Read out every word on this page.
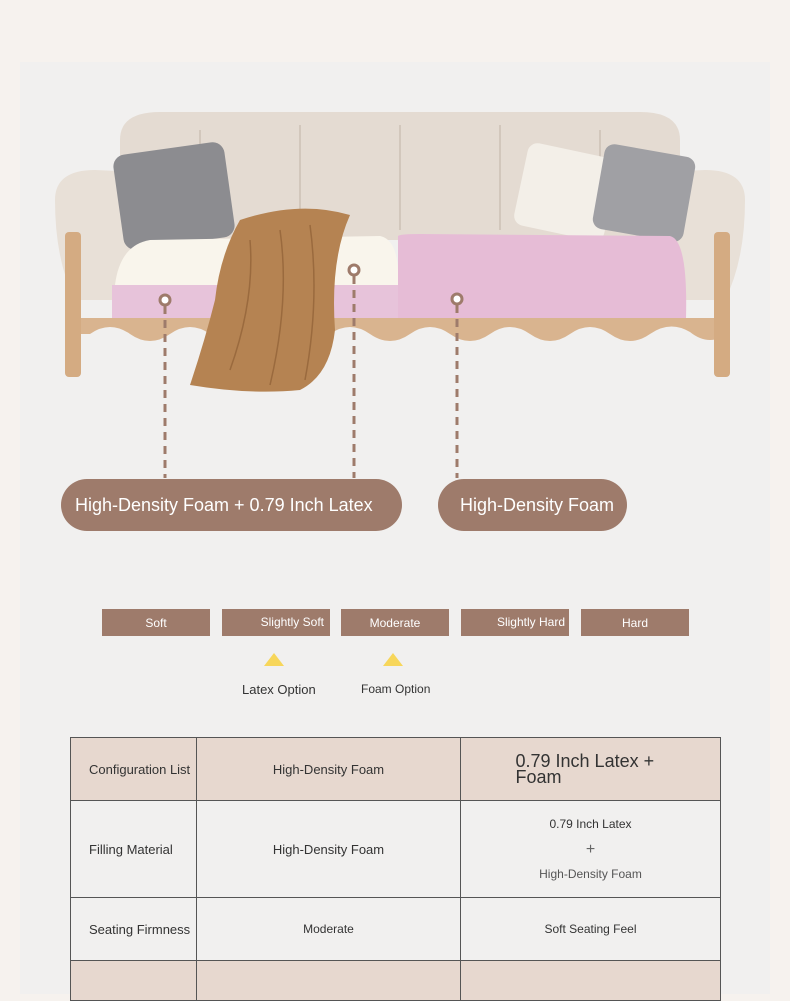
High-Density Foam + 0.79 Inch Latex	High-Density Foam
Soft	Slightly Soft	Moderate	Slightly Hard	Hard
Latex Option	Foam Option
Configuration List	High-Density Foam	0.79 Inch Latex + Foam
Filling Material	High-Density Foam	0.79 Inch Latex
+
High-Density Foam

Seating Firmness	Moderate	Soft Seating Feel
